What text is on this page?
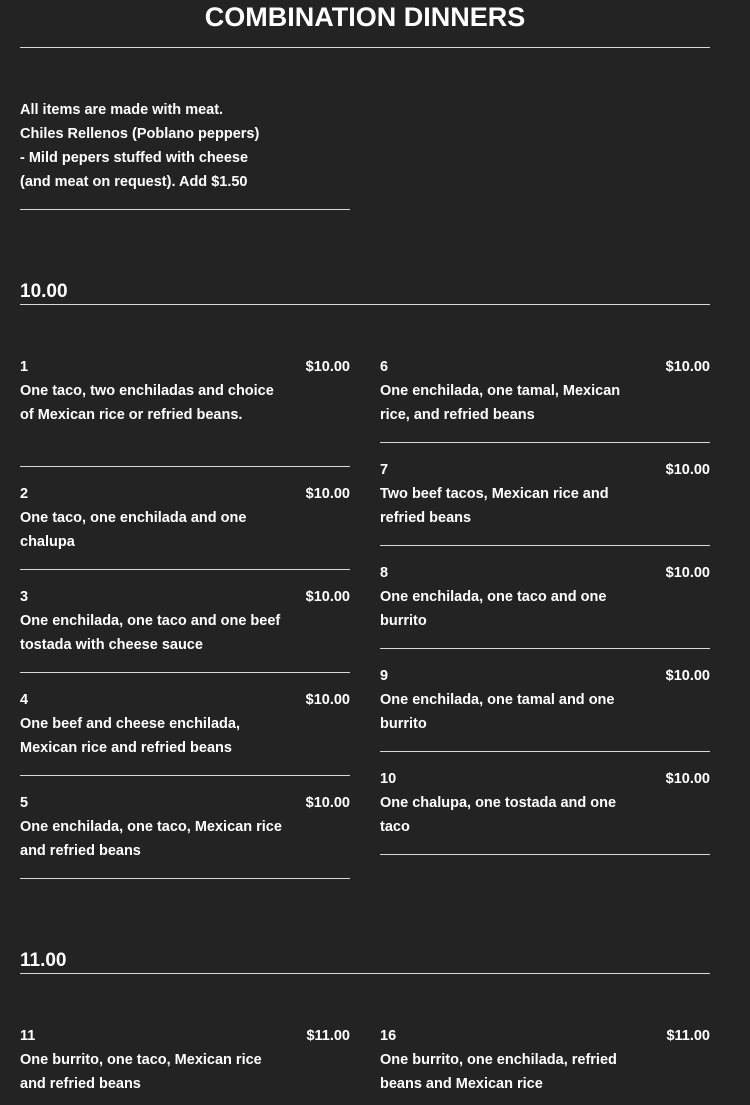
COMBINATION DINNERS
All items are made with meat.
Chiles Rellenos (Poblano peppers)
- Mild pepers stuffed with cheese
(and meat on request). Add $1.50
10.00
1	$10.00
One taco, two enchiladas and choice of Mexican rice or refried beans.
2	$10.00
One taco, one enchilada and one chalupa
3	$10.00
One enchilada, one taco and one beef tostada with cheese sauce
4	$10.00
One beef and cheese enchilada, Mexican rice and refried beans
5	$10.00
One enchilada, one taco, Mexican rice and refried beans
6	$10.00
One enchilada, one tamal, Mexican rice, and refried beans
7	$10.00
Two beef tacos, Mexican rice and refried beans
8	$10.00
One enchilada, one taco and one burrito
9	$10.00
One enchilada, one tamal and one burrito
10	$10.00
One chalupa, one tostada and one taco
11.00
11	$11.00
One burrito, one taco, Mexican rice and refried beans
16	$11.00
One burrito, one enchilada, refried beans and Mexican rice
